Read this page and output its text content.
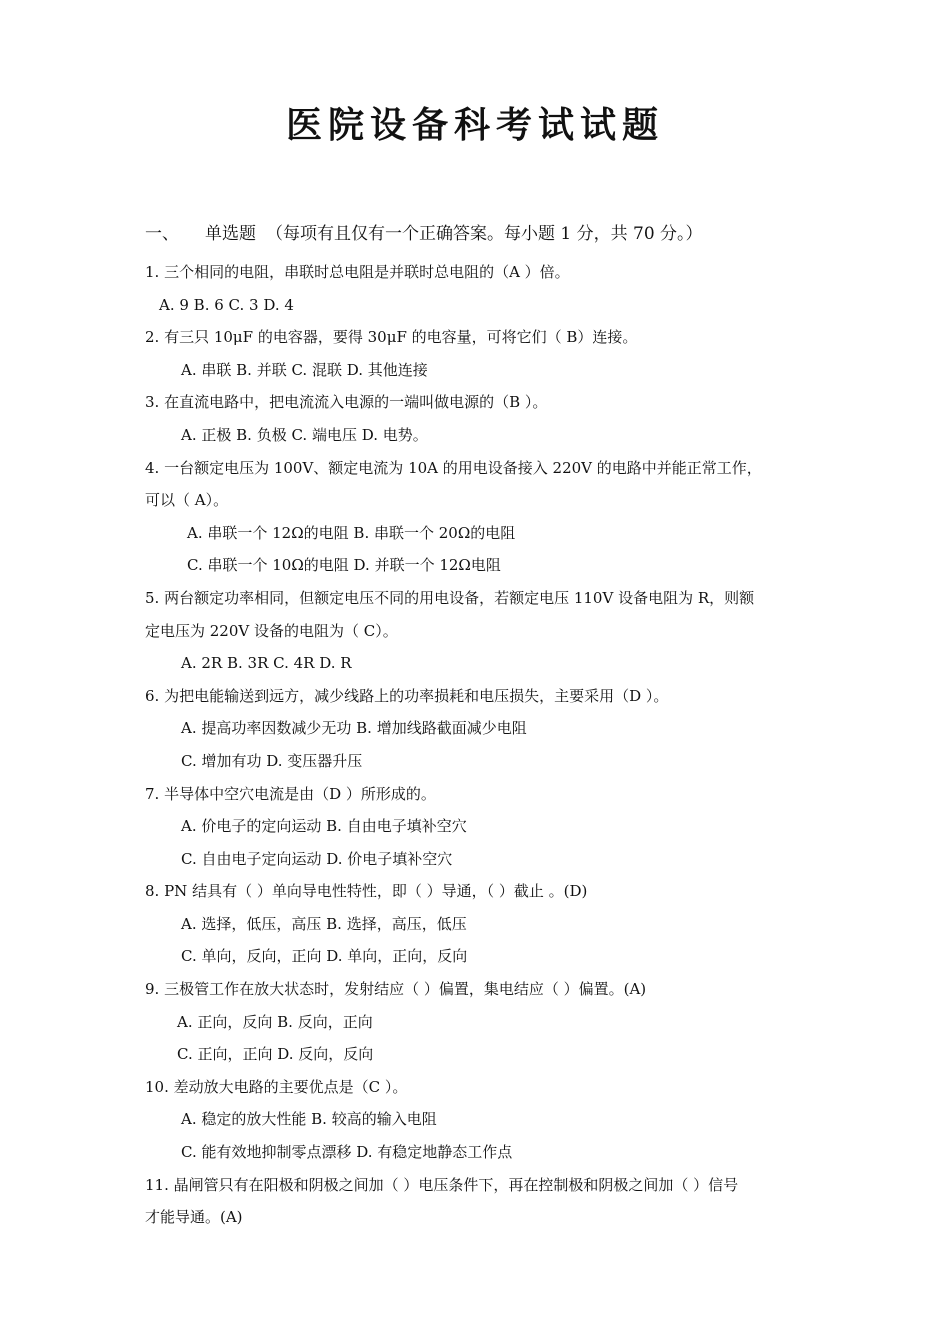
医院设备科考试试题
一、 单选题 （每项有且仅有一个正确答案。每小题 1 分，共 70 分。）
1. 三个相同的电阻，串联时总电阻是并联时总电阻的（A ）倍。
A. 9 B. 6 C. 3 D. 4
2. 有三只 10μF 的电容器，要得 30μF 的电容量，可将它们（ B）连接。
A. 串联 B. 并联 C. 混联 D. 其他连接
3. 在直流电路中，把电流流入电源的一端叫做电源的（B ）。
A. 正极 B. 负极 C. 端电压 D. 电势。
4. 一台额定电压为 100V、额定电流为 10A 的用电设备接入 220V 的电路中并能正常工作，
可以（ A）。
A. 串联一个 12Ω的电阻 B. 串联一个 20Ω的电阻
C. 串联一个 10Ω的电阻 D. 并联一个 12Ω电阻
5. 两台额定功率相同，但额定电压不同的用电设备，若额定电压 110V 设备电阻为 R，则额
定电压为 220V 设备的电阻为（ C）。
A. 2R B. 3R C. 4R D. R
6. 为把电能输送到远方，减少线路上的功率损耗和电压损失，主要采用（D ）。
A. 提高功率因数减少无功 B. 增加线路截面减少电阻
C. 增加有功 D. 变压器升压
7. 半导体中空穴电流是由（D ）所形成的。
A. 价电子的定向运动 B. 自由电子填补空穴
C. 自由电子定向运动 D. 价电子填补空穴
8. PN 结具有（ ）单向导电性特性，即（ ）导通，（ ）截止 。(D)
A. 选择，低压，高压 B. 选择，高压，低压
C. 单向，反向，正向 D. 单向，正向，反向
9. 三极管工作在放大状态时，发射结应（ ）偏置，集电结应（ ）偏置。(A)
A. 正向，反向 B. 反向，正向
C. 正向，正向 D. 反向，反向
10. 差动放大电路的主要优点是（C ）。
A. 稳定的放大性能 B. 较高的输入电阻
C. 能有效地抑制零点漂移 D. 有稳定地静态工作点
11. 晶闸管只有在阳极和阴极之间加（ ）电压条件下，再在控制极和阴极之间加（ ）信号
才能导通。(A)
